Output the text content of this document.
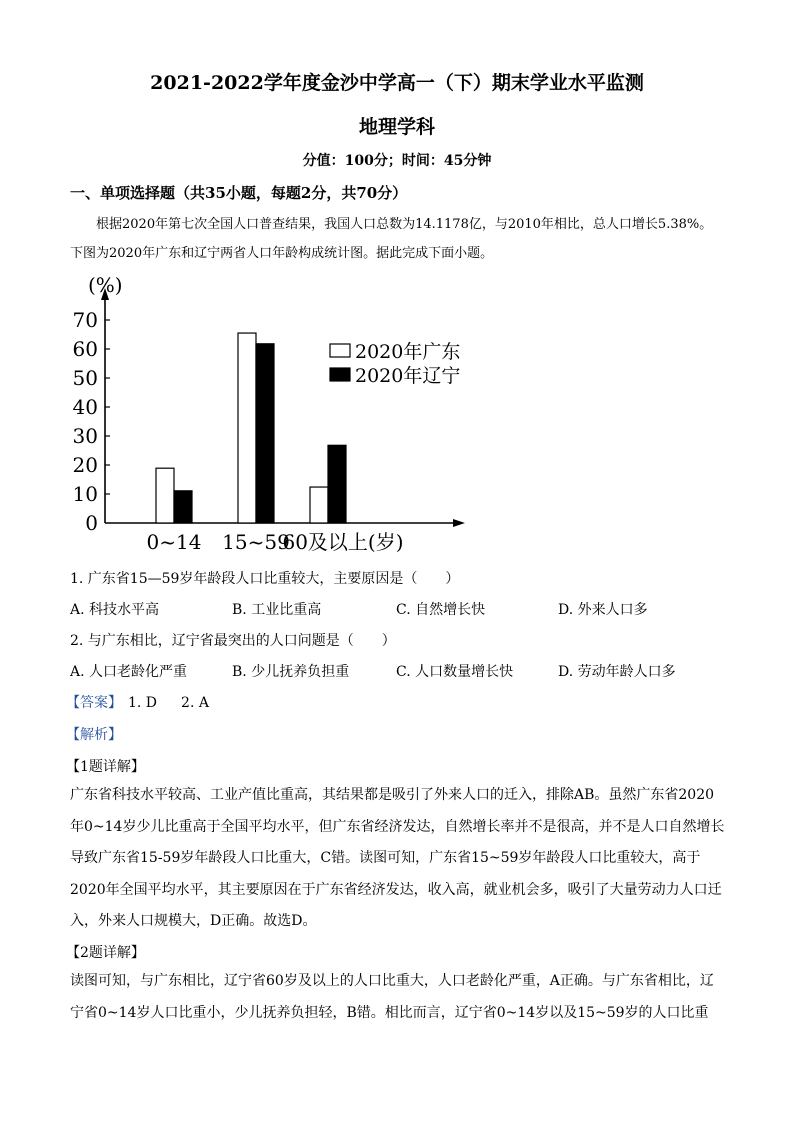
2021-2022学年度金沙中学高一（下）期末学业水平监测
地理学科
分值：100分；时间：45分钟
一、单项选择题（共35小题，每题2分，共70分）
根据2020年第七次全国人口普查结果，我国人口总数为14.1178亿，与2010年相比，总人口增长5.38%。下图为2020年广东和辽宁两省人口年龄构成统计图。据此完成下面小题。
(%)
0
10
20
30
40
50
60
70
0~14 15~59
60及以上(岁)
2020年广东
2020年辽宁
1. 广东省15—59岁年龄段人口比重较大，主要原因是（　　）
A. 科技水平高	B. 工业比重高	C. 自然增长快	D. 外来人口多
2. 与广东相比，辽宁省最突出的人口问题是（　　）
A. 人口老龄化严重	B. 少儿抚养负担重	C. 人口数量增长快	D. 劳动年龄人口多
【答案】 1. D 2. A
【解析】
【1题详解】
广东省科技水平较高、工业产值比重高，其结果都是吸引了外来人口的迁入，排除AB。虽然广东省2020年0~14岁少儿比重高于全国平均水平，但广东省经济发达，自然增长率并不是很高，并不是人口自然增长导致广东省15-59岁年龄段人口比重大，C错。读图可知，广东省15~59岁年龄段人口比重较大，高于2020年全国平均水平，其主要原因在于广东省经济发达，收入高，就业机会多，吸引了大量劳动力人口迁入，外来人口规模大，D正确。故选D。
【2题详解】
读图可知，与广东相比，辽宁省60岁及以上的人口比重大，人口老龄化严重，A正确。与广东省相比，辽宁省0~14岁人口比重小，少儿抚养负担轻，B错。相比而言，辽宁省0~14岁以及15~59岁的人口比重
